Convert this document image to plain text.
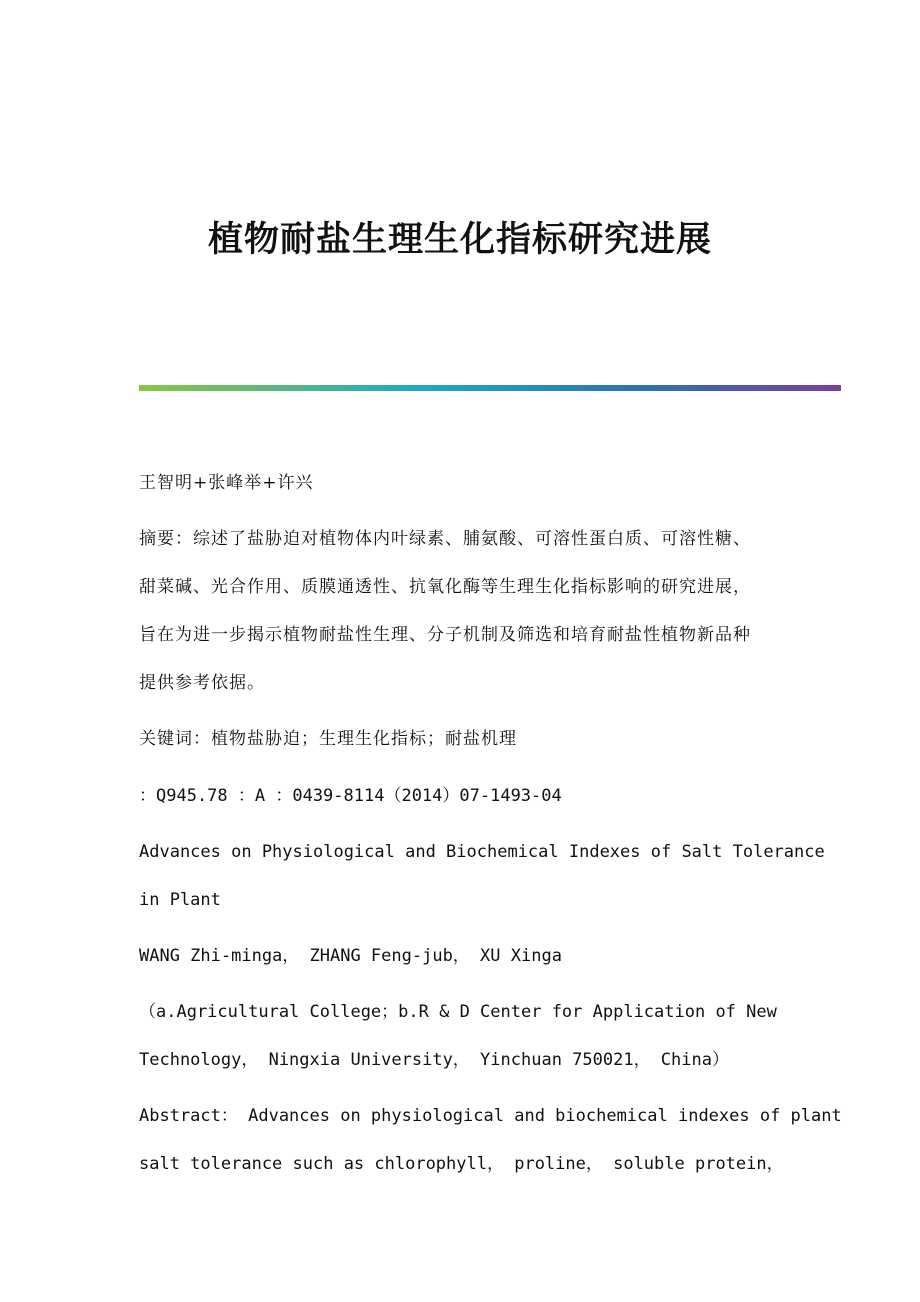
植物耐盐生理生化指标研究进展

王智明+张峰举+许兴

摘要：综述了盐胁迫对植物体内叶绿素、脯氨酸、可溶性蛋白质、可溶性糖、

甜菜碱、光合作用、质膜通透性、抗氧化酶等生理生化指标影响的研究进展，

旨在为进一步揭示植物耐盐性生理、分子机制及筛选和培育耐盐性植物新品种

提供参考依据。

关键词：植物盐胁迫；生理生化指标；耐盐机理

：Q945.78 ：A ：0439-8114（2014）07-1493-04

Advances on Physiological and Biochemical Indexes of Salt Tolerance

in Plant

WANG Zhi-minga， ZHANG Feng-jub， XU Xinga

（a.Agricultural College；b.R & D Center for Application of New

Technology， Ningxia University， Yinchuan 750021， China）

Abstract： Advances on physiological and biochemical indexes of plant

salt tolerance such as chlorophyll， proline， soluble protein，
